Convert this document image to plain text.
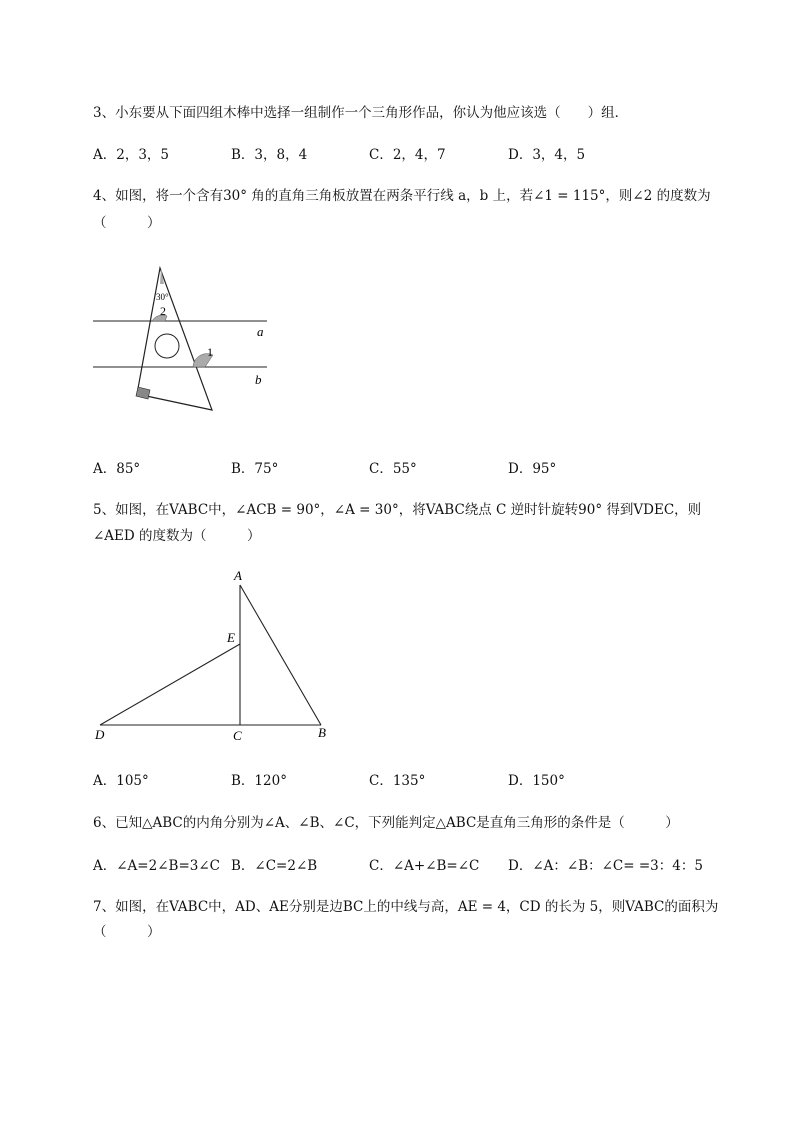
3、小东要从下面四组木棒中选择一组制作一个三角形作品，你认为他应该选（　　）组．
A．2，3，5	B．3，8，4	C．2，4，7	D．3，4，5
4、如图，将一个含有30° 角的直角三角板放置在两条平行线 a，b 上，若∠1 = 115°，则∠2 的度数为
（　　　）
30°
2
1
a
b
A．85°	B．75°	C．55°	D．95°
5、如图，在VABC中，∠ACB = 90°，∠A = 30°，将VABC绕点 C 逆时针旋转90° 得到VDEC，则
∠AED 的度数为（　　　）
A
E
D	C	B
A．105°	B．120°	C．135°	D．150°
6、已知△ABC的内角分别为∠A、∠B、∠C，下列能判定△ABC是直角三角形的条件是（　　　）
A．∠A=2∠B=3∠C B．∠C=2∠B	C．∠A+∠B=∠C D．∠A：∠B：∠C= =3：4：5
7、如图，在VABC中，AD、AE分别是边BC上的中线与高，AE = 4，CD 的长为 5，则VABC的面积为
（　　　）
